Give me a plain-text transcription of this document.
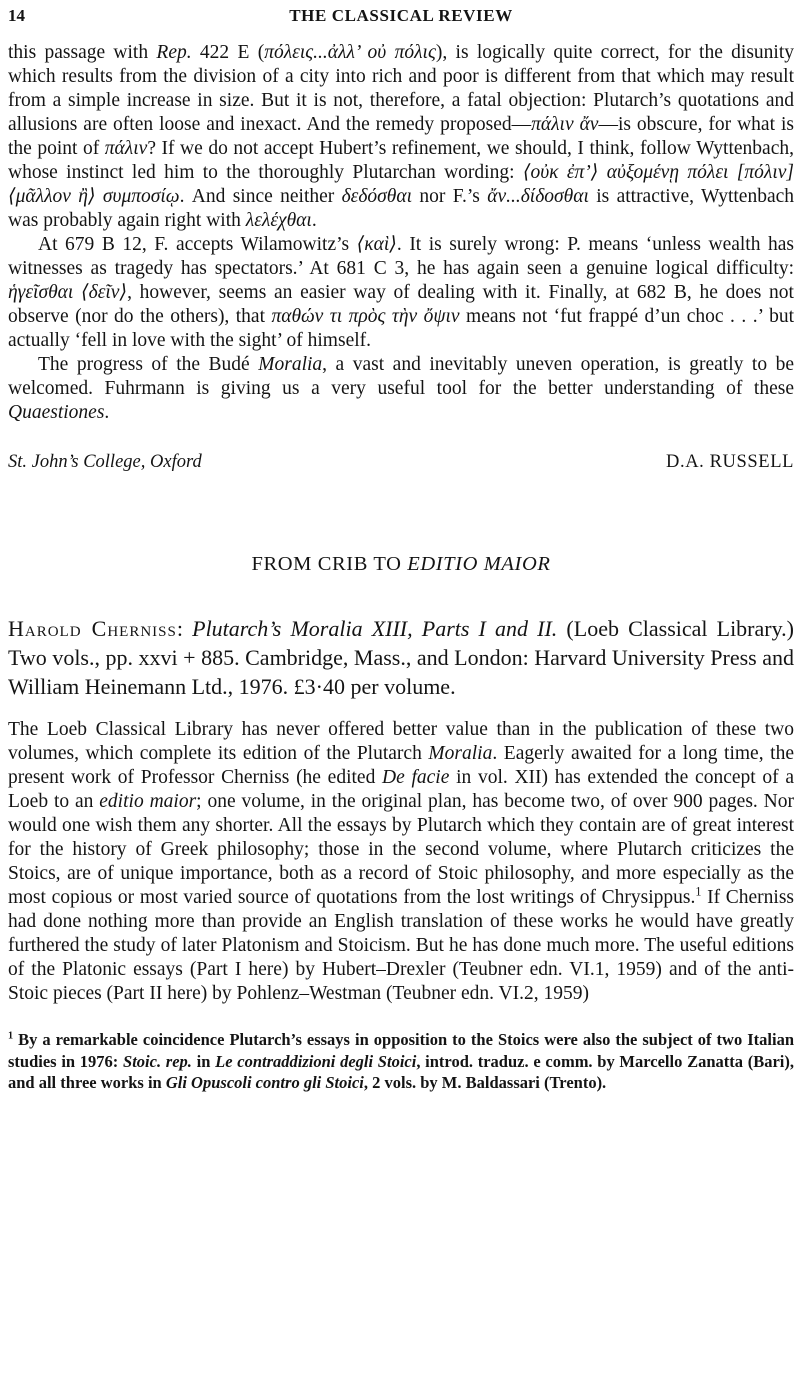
14	THE CLASSICAL REVIEW

this passage with Rep. 422 E (πόλεις...ἀλλ’ οὐ πόλις), is logically quite correct, for the disunity which results from the division of a city into rich and poor is different from that which may result from a simple increase in size. But it is not, therefore, a fatal objection: Plutarch’s quotations and allusions are often loose and inexact. And the remedy proposed—πάλιν ἄν—is obscure, for what is the point of πάλιν? If we do not accept Hubert’s refinement, we should, I think, follow Wyttenbach, whose instinct led him to the thoroughly Plutarchan wording: ⟨οὐκ ἐπ’⟩ αὐξομένῃ πόλει [πόλιν] ⟨μᾶλλον ἢ⟩ συμποσίῳ. And since neither δεδόσθαι nor F.’s ἄν...δίδοσθαι is attractive, Wyttenbach was probably again right with λελέχθαι.

At 679 B 12, F. accepts Wilamowitz’s ⟨καὶ⟩. It is surely wrong: P. means ‘unless wealth has witnesses as tragedy has spectators.’ At 681 C 3, he has again seen a genuine logical difficulty: ἡγεῖσθαι ⟨δεῖν⟩, however, seems an easier way of dealing with it. Finally, at 682 B, he does not observe (nor do the others), that παθών τι πρὸς τὴν ὄψιν means not ‘fut frappé d’un choc . . .’ but actually ‘fell in love with the sight’ of himself.

The progress of the Budé Moralia, a vast and inevitably uneven operation, is greatly to be welcomed. Fuhrmann is giving us a very useful tool for the better understanding of these Quaestiones.

St. John’s College, Oxford	D.A. RUSSELL
FROM CRIB TO EDITIO MAIOR

Harold Cherniss: Plutarch’s Moralia XIII, Parts I and II. (Loeb Classical Library.) Two vols., pp. xxvi + 885. Cambridge, Mass., and London: Harvard University Press and William Heinemann Ltd., 1976. £3·40 per volume.

The Loeb Classical Library has never offered better value than in the publication of these two volumes, which complete its edition of the Plutarch Moralia. Eagerly awaited for a long time, the present work of Professor Cherniss (he edited De facie in vol. XII) has extended the concept of a Loeb to an editio maior; one volume, in the original plan, has become two, of over 900 pages. Nor would one wish them any shorter. All the essays by Plutarch which they contain are of great interest for the history of Greek philosophy; those in the second volume, where Plutarch criticizes the Stoics, are of unique importance, both as a record of Stoic philosophy, and more especially as the most copious or most varied source of quotations from the lost writings of Chrysippus.$^1$ If Cherniss had done nothing more than provide an English translation of these works he would have greatly furthered the study of later Platonism and Stoicism. But he has done much more. The useful editions of the Platonic essays (Part I here) by Hubert–Drexler (Teubner edn. VI.1, 1959) and of the anti-Stoic pieces (Part II here) by Pohlenz–Westman (Teubner edn. VI.2, 1959)

$^1$ By a remarkable coincidence Plutarch’s essays in opposition to the Stoics were also the subject of two Italian studies in 1976: Stoic. rep. in Le contraddizioni degli Stoici, introd. traduz. e comm. by Marcello Zanatta (Bari), and all three works in Gli Opuscoli contro gli Stoici, 2 vols. by M. Baldassari (Trento).
